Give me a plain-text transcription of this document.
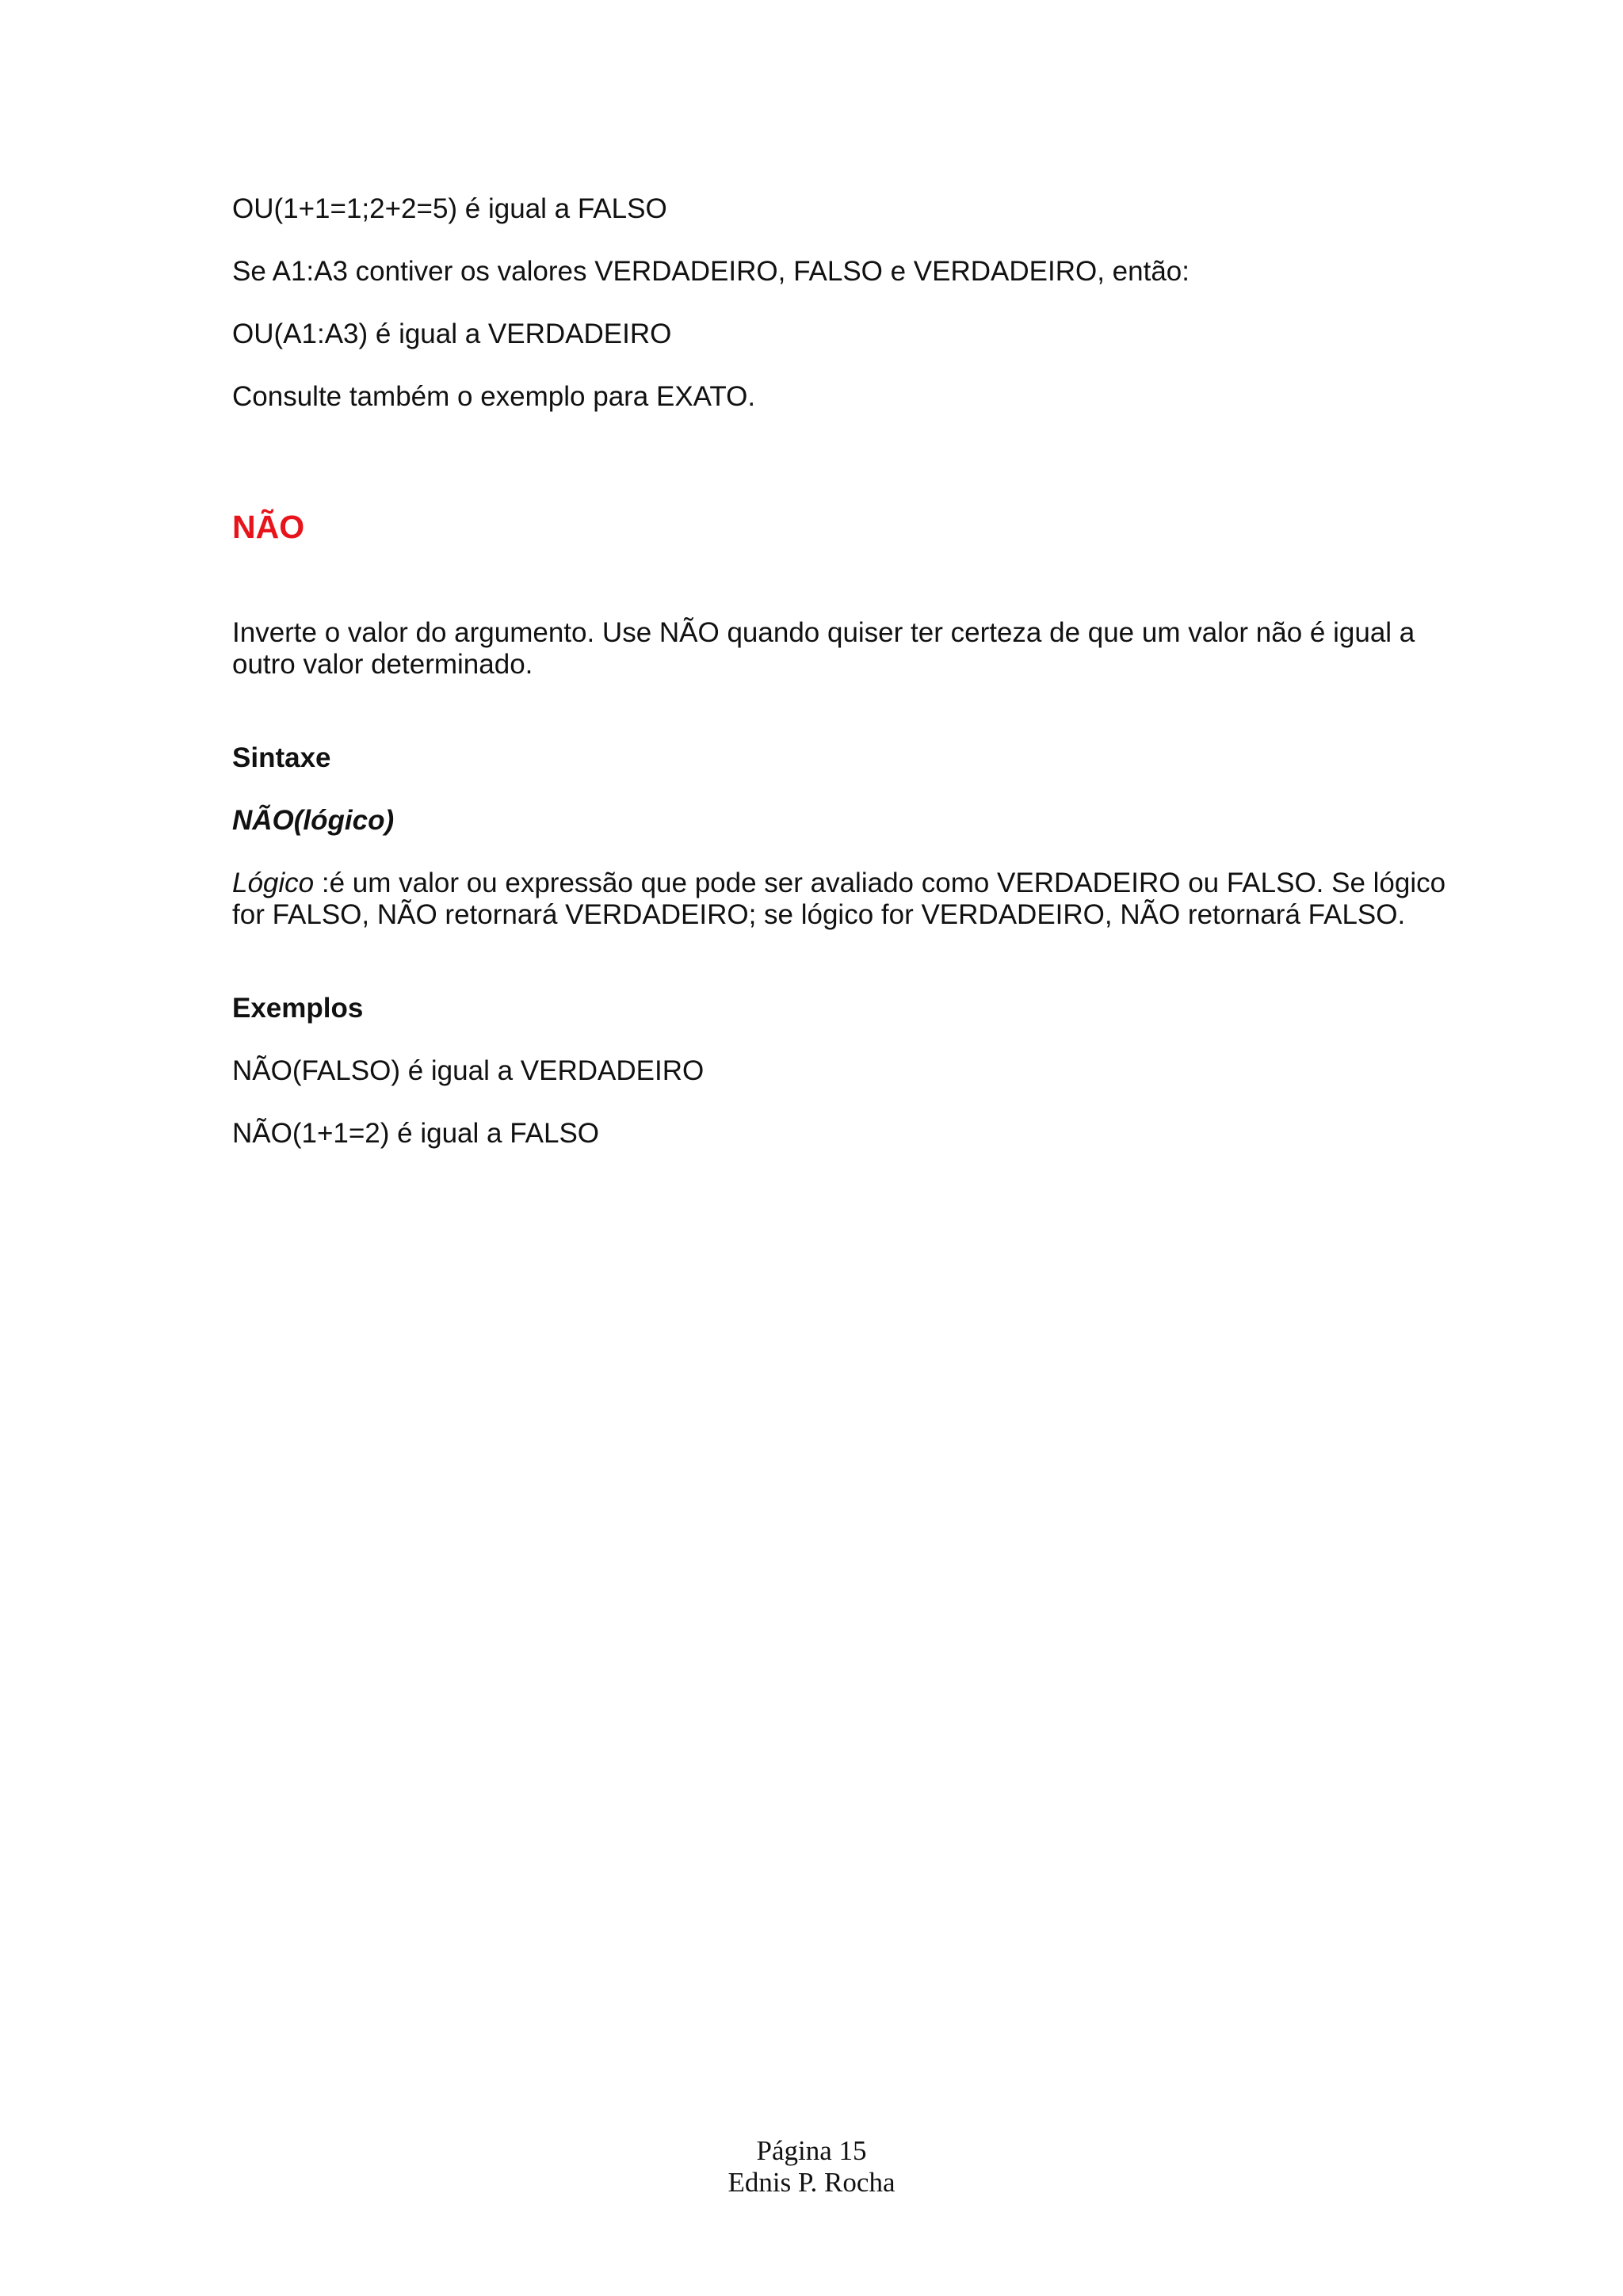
OU(1+1=1;2+2=5) é igual a FALSO

Se A1:A3 contiver os valores VERDADEIRO, FALSO e VERDADEIRO, então:

OU(A1:A3) é igual a VERDADEIRO

Consulte também o exemplo para EXATO.

NÃO

Inverte o valor do argumento. Use NÃO quando quiser ter certeza de que um valor não é igual a outro valor determinado.

Sintaxe

NÃO(lógico)

Lógico :é um valor ou expressão que pode ser avaliado como VERDADEIRO ou FALSO. Se lógico for FALSO, NÃO retornará VERDADEIRO; se lógico for VERDADEIRO, NÃO retornará FALSO.

Exemplos

NÃO(FALSO) é igual a VERDADEIRO

NÃO(1+1=2) é igual a FALSO

Página 15

Ednis P. Rocha
